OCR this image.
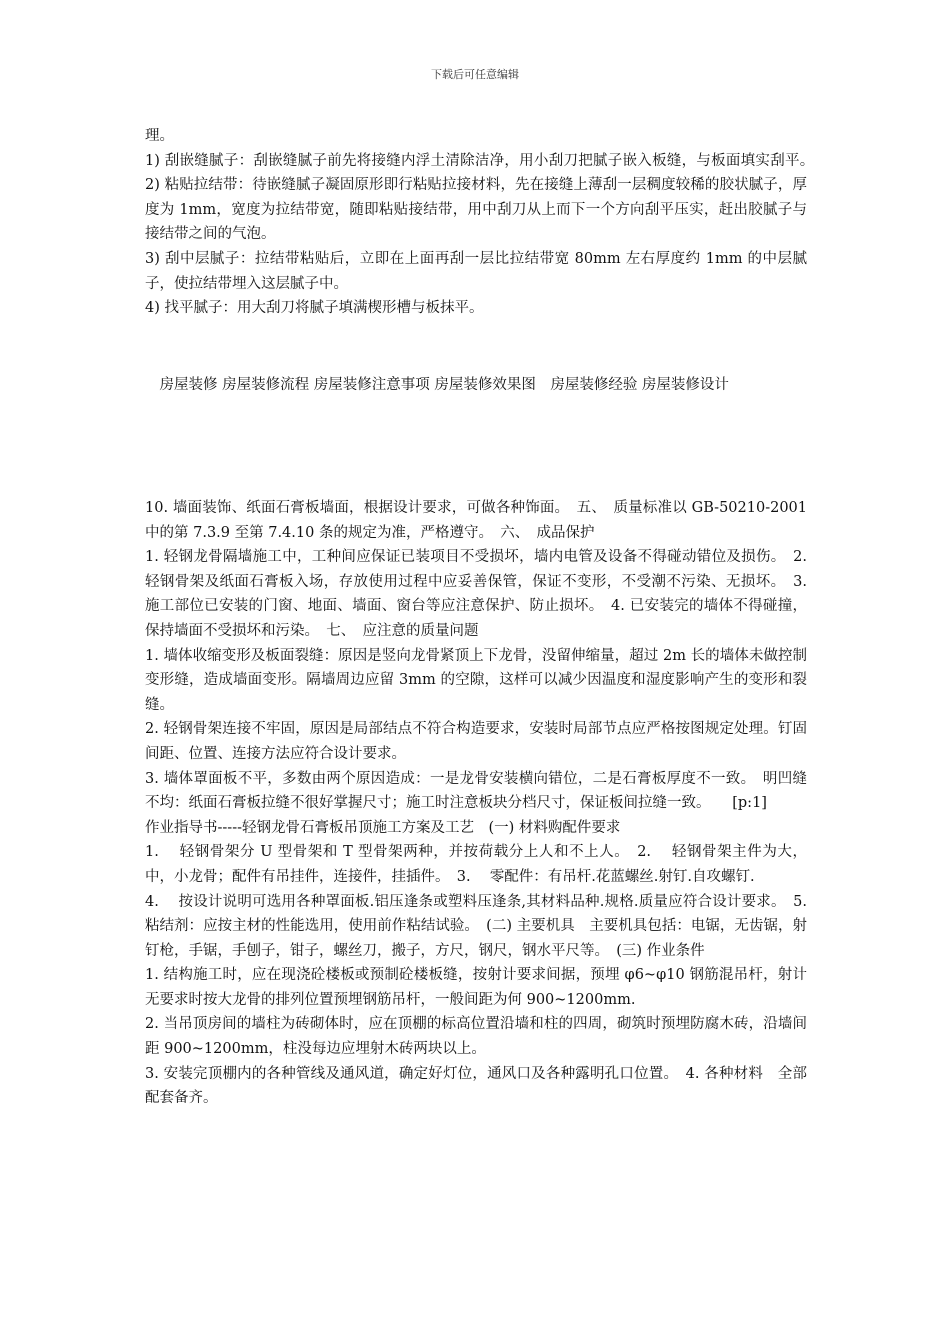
下载后可任意编辑

理。

1) 刮嵌缝腻子：刮嵌缝腻子前先将接缝内浮土清除洁净，用小刮刀把腻子嵌入板缝，与板面填实刮平。　2) 粘贴拉结带：待嵌缝腻子凝固原形即行粘贴拉接材料，先在接缝上薄刮一层稠度较稀的胶状腻子，厚度为 1mm，宽度为拉结带宽，随即粘贴接结带，用中刮刀从上而下一个方向刮平压实，赶出胶腻子与接结带之间的气泡。

3) 刮中层腻子：拉结带粘贴后，立即在上面再刮一层比拉结带宽 80mm 左右厚度约 1mm 的中层腻子，使拉结带埋入这层腻子中。

4) 找平腻子：用大刮刀将腻子填满楔形槽与板抹平。

　房屋装修 房屋装修流程 房屋装修注意事项 房屋装修效果图　房屋装修经验 房屋装修设计

10. 墙面装饰、纸面石膏板墙面，根据设计要求，可做各种饰面。　五、　质量标准以 GB-50210-2001 中的第 7.3.9 至第 7.4.10 条的规定为准，严格遵守。　六、　成品保护

1. 轻钢龙骨隔墙施工中，工种间应保证已装项目不受损坏，墙内电管及设备不得碰动错位及损伤。　2. 轻钢骨架及纸面石膏板入场，存放使用过程中应妥善保管，保证不变形，不受潮不污染、无损坏。　3. 施工部位已安装的门窗、地面、墙面、窗台等应注意保护、防止损坏。　4. 已安装完的墙体不得碰撞，保持墙面不受损坏和污染。　七、　应注意的质量问题

1. 墙体收缩变形及板面裂缝：原因是竖向龙骨紧顶上下龙骨，没留伸缩量，超过 2m 长的墙体未做控制变形缝，造成墙面变形。隔墙周边应留 3mm 的空隙，这样可以减少因温度和湿度影响产生的变形和裂缝。

2. 轻钢骨架连接不牢固，原因是局部结点不符合构造要求，安装时局部节点应严格按图规定处理。钉固间距、位置、连接方法应符合设计要求。

3. 墙体罩面板不平，多数由两个原因造成：一是龙骨安装横向错位，二是石膏板厚度不一致。　明凹缝不均：纸面石膏板拉缝不很好掌握尺寸；施工时注意板块分档尺寸，保证板间拉缝一致。　　[p:1]

作业指导书-----轻钢龙骨石膏板吊顶施工方案及工艺　(一) 材料购配件要求

1.　 轻钢骨架分 U 型骨架和 T 型骨架两种，并按荷载分上人和不上人。　2.　 轻钢骨架主件为大，中，小龙骨；配件有吊挂件，连接件，挂插件。　3.　 零配件：有吊杆.花蓝螺丝.射钉.自攻螺钉.

4.　 按设计说明可选用各种罩面板.铝压逢条或塑料压逢条,其材料品种.规格.质量应符合设计要求。　5.　 粘结剂：应按主材的性能选用，使用前作粘结试验。　(二) 主要机具　主要机具包括：电锯，无齿锯，射钉枪，手锯，手刨子，钳子，螺丝刀，搬子，方尺，钢尺，钢水平尺等。　(三) 作业条件

1. 结构施工时，应在现浇砼楼板或预制砼楼板缝，按射计要求间据，预埋 φ6~φ10 钢筋混吊杆，射计无要求时按大龙骨的排列位置预埋钢筋吊杆，一般间距为何 900~1200mm.

2. 当吊顶房间的墙柱为砖砌体时，应在顶棚的标高位置沿墙和柱的四周，砌筑时预埋防腐木砖，沿墙间距 900~1200mm，柱没每边应埋射木砖两块以上。

3. 安装完顶棚内的各种管线及通风道，确定好灯位，通风口及各种露明孔口位置。　4. 各种材料　全部配套备齐。
